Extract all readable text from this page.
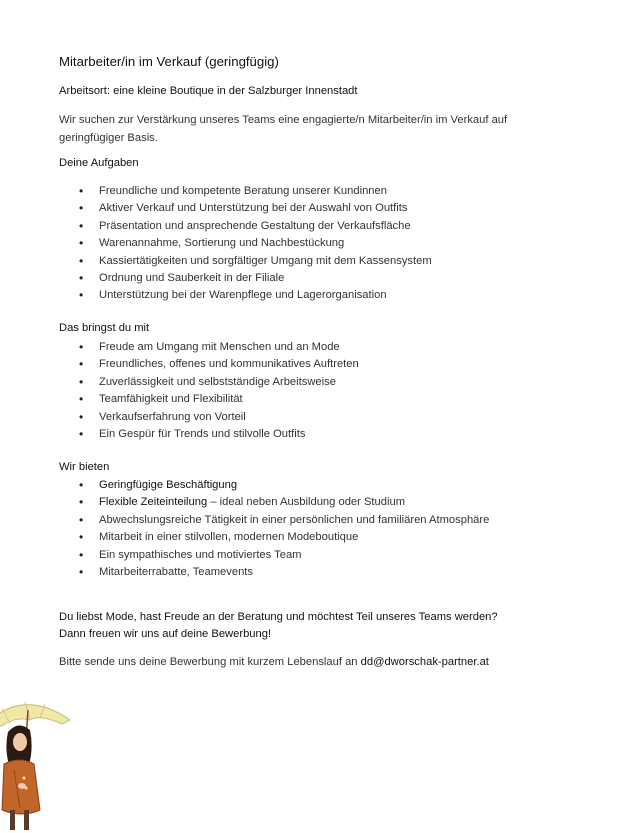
Mitarbeiter/in im Verkauf (geringfügig)
Arbeitsort: eine kleine Boutique in der Salzburger Innenstadt
Wir suchen zur Verstärkung unseres Teams eine engagierte/n Mitarbeiter/in im Verkauf auf
geringfügiger Basis.
Deine Aufgaben
• Freundliche und kompetente Beratung unserer Kundinnen
• Aktiver Verkauf und Unterstützung bei der Auswahl von Outfits
• Präsentation und ansprechende Gestaltung der Verkaufsfläche
• Warenannahme, Sortierung und Nachbestückung
• Kassiertätigkeiten und sorgfältiger Umgang mit dem Kassensystem
• Ordnung und Sauberkeit in der Filiale
• Unterstützung bei der Warenpflege und Lagerorganisation
Das bringst du mit
• Freude am Umgang mit Menschen und an Mode
• Freundliches, offenes und kommunikatives Auftreten
• Zuverlässigkeit und selbstständige Arbeitsweise
• Teamfähigkeit und Flexibilität
• Verkaufserfahrung von Vorteil
• Ein Gespür für Trends und stilvolle Outfits
Wir bieten
• Geringfügige Beschäftigung
• Flexible Zeiteinteilung – ideal neben Ausbildung oder Studium
• Abwechslungsreiche Tätigkeit in einer persönlichen und familiären Atmosphäre
• Mitarbeit in einer stilvollen, modernen Modeboutique
• Ein sympathisches und motiviertes Team
• Mitarbeiterrabatte, Teamevents
Du liebst Mode, hast Freude an der Beratung und möchtest Teil unseres Teams werden?
Dann freuen wir uns auf deine Bewerbung!
Bitte sende uns deine Bewerbung mit kurzem Lebenslauf an dd@dworschak-partner.at
